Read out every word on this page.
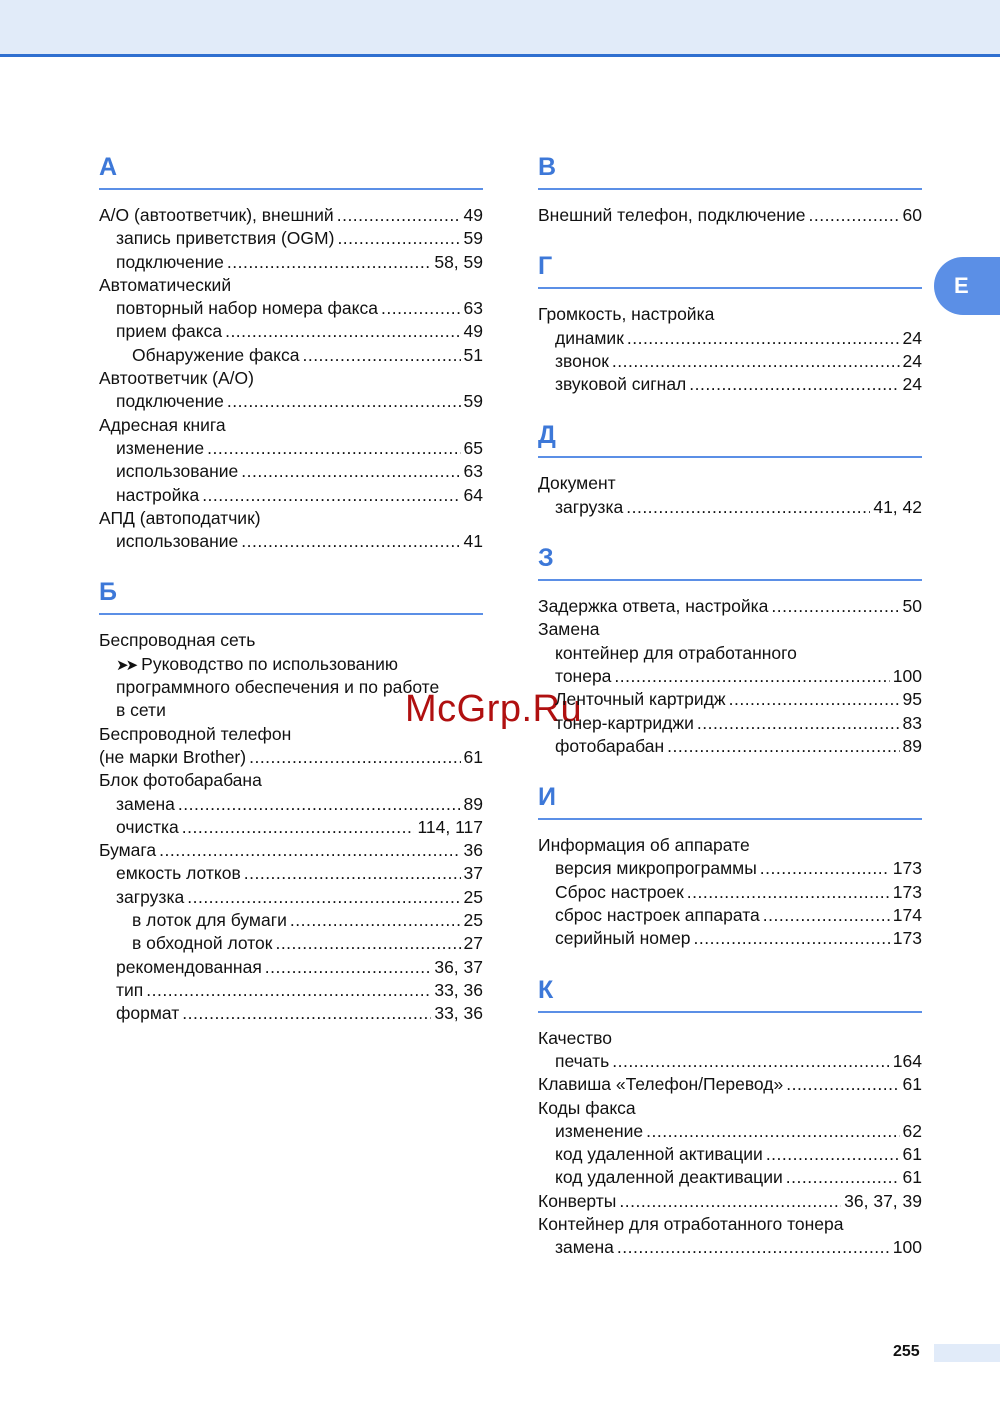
E
McGrp.Ru
A
А/О (автоответчик), внешний .....	49
запись приветствия (OGM) .....	59
подключение .....	58, 59
Автоматический
повторный набор номера факса .....	63
прием факса .....	49
Обнаружение факса .....	51
Автоответчик (А/О)
подключение .....	59
Адресная книга
изменение .....	65
использование .....	63
настройка .....	64
АПД (автоподатчик)
использование .....	41
Б
Беспроводная сеть
➤➤ Руководство по использованию
программного обеспечения и по работе
в сети
Беспроводной телефон
(не марки Brother) .....	61
Блок фотобарабана
замена .....	89
очистка .....	114, 117
Бумага .....	36
емкость лотков .....	37
загрузка .....	25
в лоток для бумаги .....	25
в обходной лоток .....	27
рекомендованная .....	36, 37
тип .....	33, 36
формат .....	33, 36
В
Внешний телефон, подключение .....	60
Г
Громкость, настройка
динамик .....	24
звонок .....	24
звуковой сигнал .....	24
Д
Документ
загрузка .....	41, 42
З
Задержка ответа, настройка .....	50
Замена
контейнер для отработанного
тонера .....	100
Ленточный картридж .....	95
тонер-картриджи .....	83
фотобарабан .....	89
И
Информация об аппарате
версия микропрограммы .....	173
Сброс настроек .....	173
сброс настроек аппарата .....	174
серийный номер .....	173
К
Качество
печать .....	164
Клавиша «Телефон/Перевод» .....	61
Коды факса
изменение .....	62
код удаленной активации .....	61
код удаленной деактивации .....	61
Конверты .....	36, 37, 39
Контейнер для отработанного тонера
замена .....	100
255
